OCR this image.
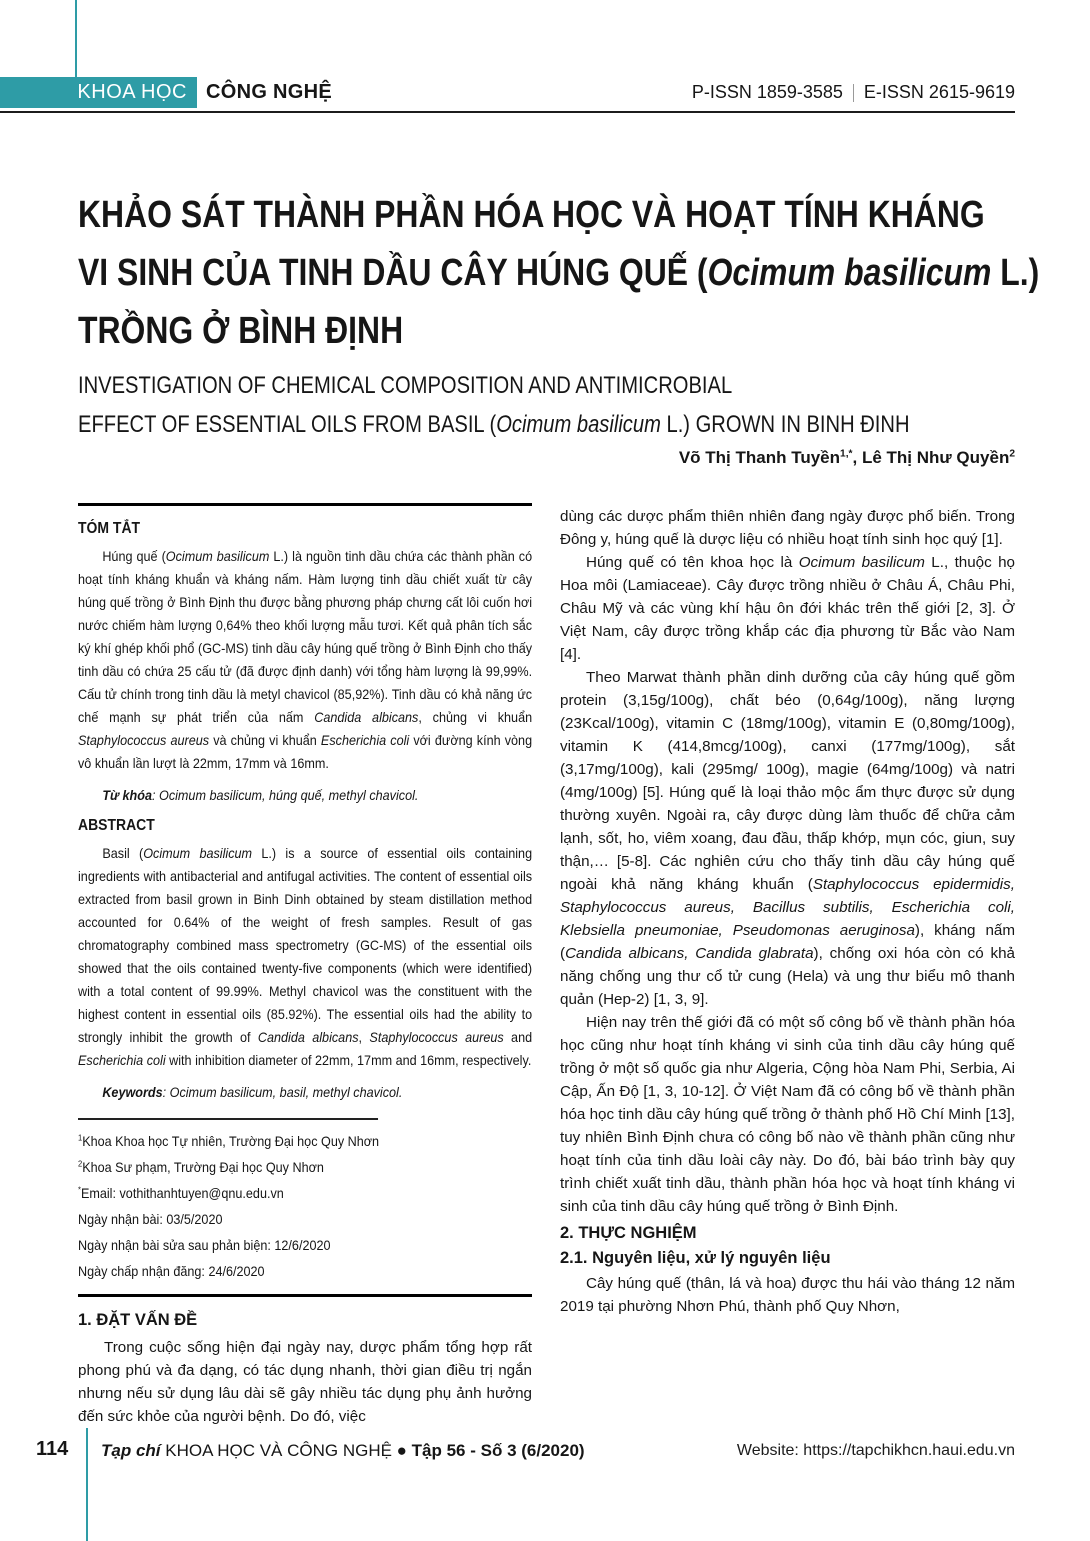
KHOA HỌC CÔNG NGHỆ	P-ISSN 1859-3585 E-ISSN 2615-9619
KHẢO SÁT THÀNH PHẦN HÓA HỌC VÀ HOẠT TÍNH KHÁNG
VI SINH CỦA TINH DẦU CÂY HÚNG QUẾ (Ocimum basilicum L.)
TRỒNG Ở BÌNH ĐỊNH
INVESTIGATION OF CHEMICAL COMPOSITION AND ANTIMICROBIAL
EFFECT OF ESSENTIAL OILS FROM BASIL (Ocimum basilicum L.) GROWN IN BINH ĐINH
Võ Thị Thanh Tuyền$^{1,*}$, Lê Thị Như Quyền$^2$
TÓM TẮT

Húng quế (Ocimum basilicum L.) là nguồn tinh dầu chứa các thành phần có hoạt tính kháng khuẩn và kháng nấm. Hàm lượng tinh dầu chiết xuất từ cây húng quế trồng ở Bình Định thu được bằng phương pháp chưng cất lôi cuốn hơi nước chiếm hàm lượng 0,64% theo khối lượng mẫu tươi. Kết quả phân tích sắc ký khí ghép khối phổ (GC-MS) tinh dầu cây húng quế trồng ở Bình Định cho thấy tinh dầu có chứa 25 cấu tử (đã được định danh) với tổng hàm lượng là 99,99%. Cấu tử chính trong tinh dầu là metyl chavicol (85,92%). Tinh dầu có khả năng ức chế mạnh sự phát triển của nấm Candida albicans, chủng vi khuẩn Staphylococcus aureus và chủng vi khuẩn Escherichia coli với đường kính vòng vô khuẩn lần lượt là 22mm, 17mm và 16mm.

Từ khóa: Ocimum basilicum, húng quế, methyl chavicol.

ABSTRACT

Basil (Ocimum basilicum L.) is a source of essential oils containing ingredients with antibacterial and antifugal activities. The content of essential oils extracted from basil grown in Binh Dinh obtained by steam distillation method accounted for 0.64% of the weight of fresh samples. Result of gas chromatography combined mass spectrometry (GC-MS) of the essential oils showed that the oils contained twenty-five components (which were identified) with a total content of 99.99%. Methyl chavicol was the constituent with the highest content in essential oils (85.92%). The essential oils had the ability to strongly inhibit the growth of Candida albicans, Staphylococcus aureus and Escherichia coli with inhibition diameter of 22mm, 17mm and 16mm, respectively.

Keywords: Ocimum basilicum, basil, methyl chavicol.

$^1$Khoa Khoa học Tự nhiên, Trường Đại học Quy Nhơn
$^2$Khoa Sư phạm, Trường Đại học Quy Nhơn
*Email: vothithanhtuyen@qnu.edu.vn
Ngày nhận bài: 03/5/2020
Ngày nhận bài sửa sau phản biện: 12/6/2020
Ngày chấp nhận đăng: 24/6/2020
1. ĐẶT VẤN ĐỀ

Trong cuộc sống hiện đại ngày nay, dược phẩm tổng hợp rất phong phú và đa dạng, có tác dụng nhanh, thời gian điều trị ngắn nhưng nếu sử dụng lâu dài sẽ gây nhiều tác dụng phụ ảnh hưởng đến sức khỏe của người bệnh. Do đó, việc

dùng các dược phẩm thiên nhiên đang ngày được phổ biến. Trong Đông y, húng quế là dược liệu có nhiều hoạt tính sinh học quý [1].

Húng quế có tên khoa học là Ocimum basilicum L., thuộc họ Hoa môi (Lamiaceae). Cây được trồng nhiều ở Châu Á, Châu Phi, Châu Mỹ và các vùng khí hậu ôn đới khác trên thế giới [2, 3]. Ở Việt Nam, cây được trồng khắp các địa phương từ Bắc vào Nam [4].

Theo Marwat thành phần dinh dưỡng của cây húng quế gồm protein (3,15g/100g), chất béo (0,64g/100g), năng lượng (23Kcal/100g), vitamin C (18mg/100g), vitamin E (0,80mg/100g), vitamin K (414,8mcg/100g), canxi (177mg/100g), sắt (3,17mg/100g), kali (295mg/ 100g), magie (64mg/100g) và natri (4mg/100g) [5]. Húng quế là loại thảo mộc ẩm thực được sử dụng thường xuyên. Ngoài ra, cây được dùng làm thuốc để chữa cảm lạnh, sốt, ho, viêm xoang, đau đầu, thấp khớp, mụn cóc, giun, suy thận,… [5-8]. Các nghiên cứu cho thấy tinh dầu cây húng quế ngoài khả năng kháng khuẩn (Staphylococcus epidermidis, Staphylococcus aureus, Bacillus subtilis, Escherichia coli, Klebsiella pneumoniae, Pseudomonas aeruginosa), kháng nấm (Candida albicans, Candida glabrata), chống oxi hóa còn có khả năng chống ung thư cổ tử cung (Hela) và ung thư biểu mô thanh quản (Hep-2) [1, 3, 9].

Hiện nay trên thế giới đã có một số công bố về thành phần hóa học cũng như hoạt tính kháng vi sinh của tinh dầu cây húng quế trồng ở một số quốc gia như Algeria, Cộng hòa Nam Phi, Serbia, Ai Cập, Ấn Độ [1, 3, 10-12]. Ở Việt Nam đã có công bố về thành phần hóa học tinh dầu cây húng quế trồng ở thành phố Hồ Chí Minh [13], tuy nhiên Bình Định chưa có công bố nào về thành phần cũng như hoạt tính của tinh dầu loài cây này. Do đó, bài báo trình bày quy trình chiết xuất tinh dầu, thành phần hóa học và hoạt tính kháng vi sinh của tinh dầu cây húng quế trồng ở Bình Định.

2. THỰC NGHIỆM
2.1. Nguyên liệu, xử lý nguyên liệu

Cây húng quế (thân, lá và hoa) được thu hái vào tháng 12 năm 2019 tại phường Nhơn Phú, thành phố Quy Nhơn,

114 Tạp chí KHOA HỌC VÀ CÔNG NGHỆ ● Tập 56 - Số 3 (6/2020)	Website: https://tapchikhcn.haui.edu.vn
